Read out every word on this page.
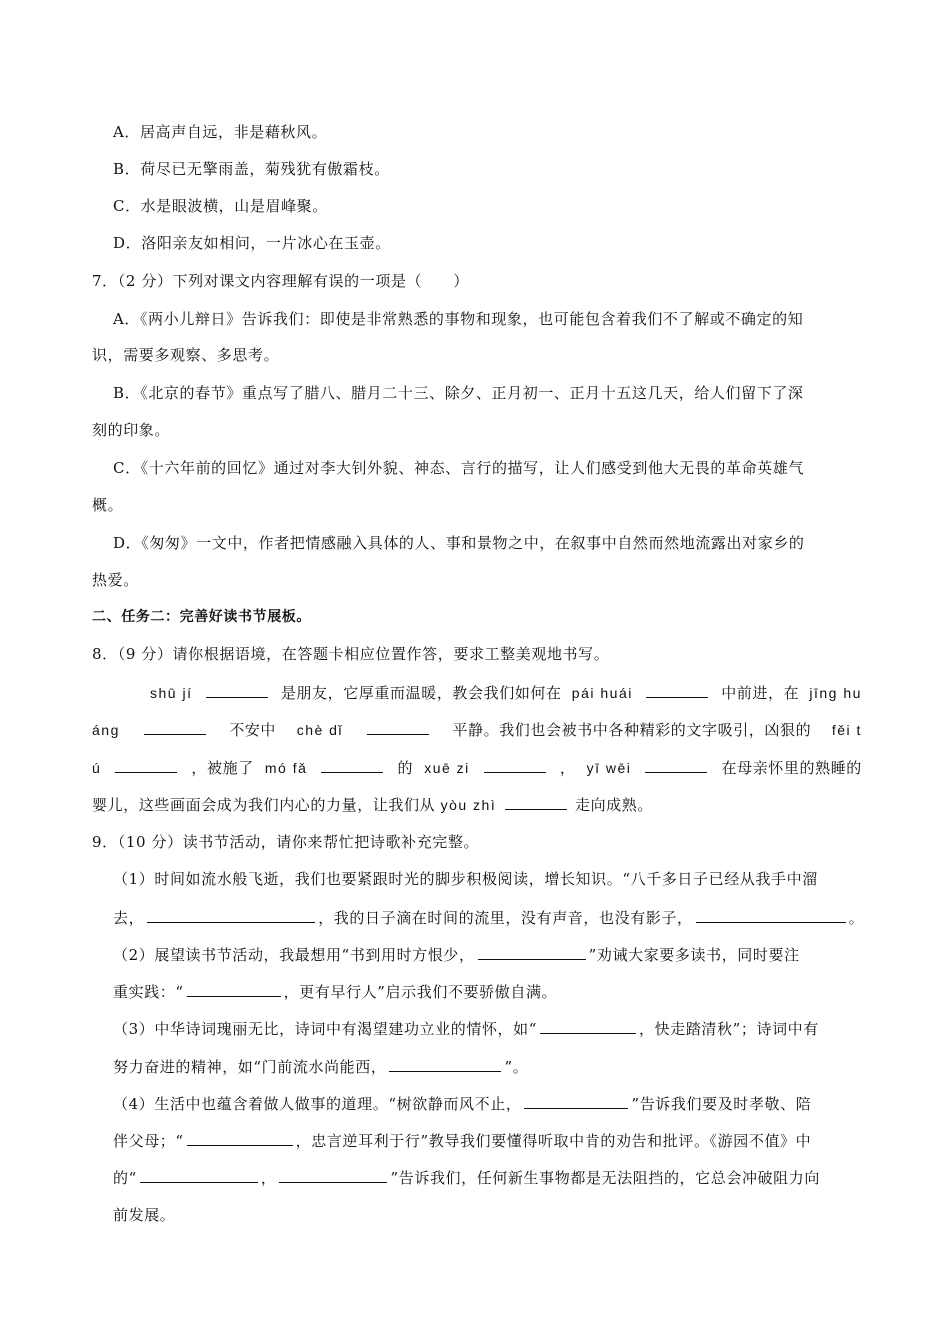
A．居高声自远，非是藉秋风。
B．荷尽已无擎雨盖，菊残犹有傲霜枝。
C．水是眼波横，山是眉峰聚。
D．洛阳亲友如相问，一片冰心在玉壶。
7．（2 分）下列对课文内容理解有误的一项是（　　）
A．《两小儿辩日》告诉我们：即使是非常熟悉的事物和现象，也可能包含着我们不了解或不确定的知
识，需要多观察、多思考。
B．《北京的春节》重点写了腊八、腊月二十三、除夕、正月初一、正月十五这几天，给人们留下了深
刻的印象。
C．《十六年前的回忆》通过对李大钊外貌、神态、言行的描写，让人们感受到他大无畏的革命英雄气
概。
D．《匆匆》一文中，作者把情感融入具体的人、事和景物之中，在叙事中自然而然地流露出对家乡的
热爱。
二、任务二：完善好读书节展板。
8．（9 分）请你根据语境，在答题卡相应位置作答，要求工整美观地书写。
shū jí	是朋友，它厚重而温暖，教会我们如何在 pái huái	中前进，在 jīng hu
áng	不安中 chè dǐ	平静。我们也会被书中各种精彩的文字吸引，凶狠的 fěi t
ú	，被施了 mó fǎ	的 xuē zi	， yī wēi	在母亲怀里的熟睡的
婴儿，这些画面会成为我们内心的力量，让我们从 yòu zhì	走向成熟。
9．（10 分）读书节活动，请你来帮忙把诗歌补充完整。
（1）时间如流水般飞逝，我们也要紧跟时光的脚步积极阅读，增长知识。“八千多日子已经从我手中溜
去，	，我的日子滴在时间的流里，没有声音，也没有影子，	。
（2）展望读书节活动，我最想用“书到用时方恨少，	”劝诫大家要多读书，同时要注
重实践：“	，更有早行人”启示我们不要骄傲自满。
（3）中华诗词瑰丽无比，诗词中有渴望建功立业的情怀，如“	，快走踏清秋”；诗词中有
努力奋进的精神，如“门前流水尚能西，	”。
（4）生活中也蕴含着做人做事的道理。“树欲静而风不止，	”告诉我们要及时孝敬、陪
伴父母；“	，忠言逆耳利于行”教导我们要懂得听取中肯的劝告和批评。《游园不值》中
的“	，	”告诉我们，任何新生事物都是无法阻挡的，它总会冲破阻力向
前发展。
